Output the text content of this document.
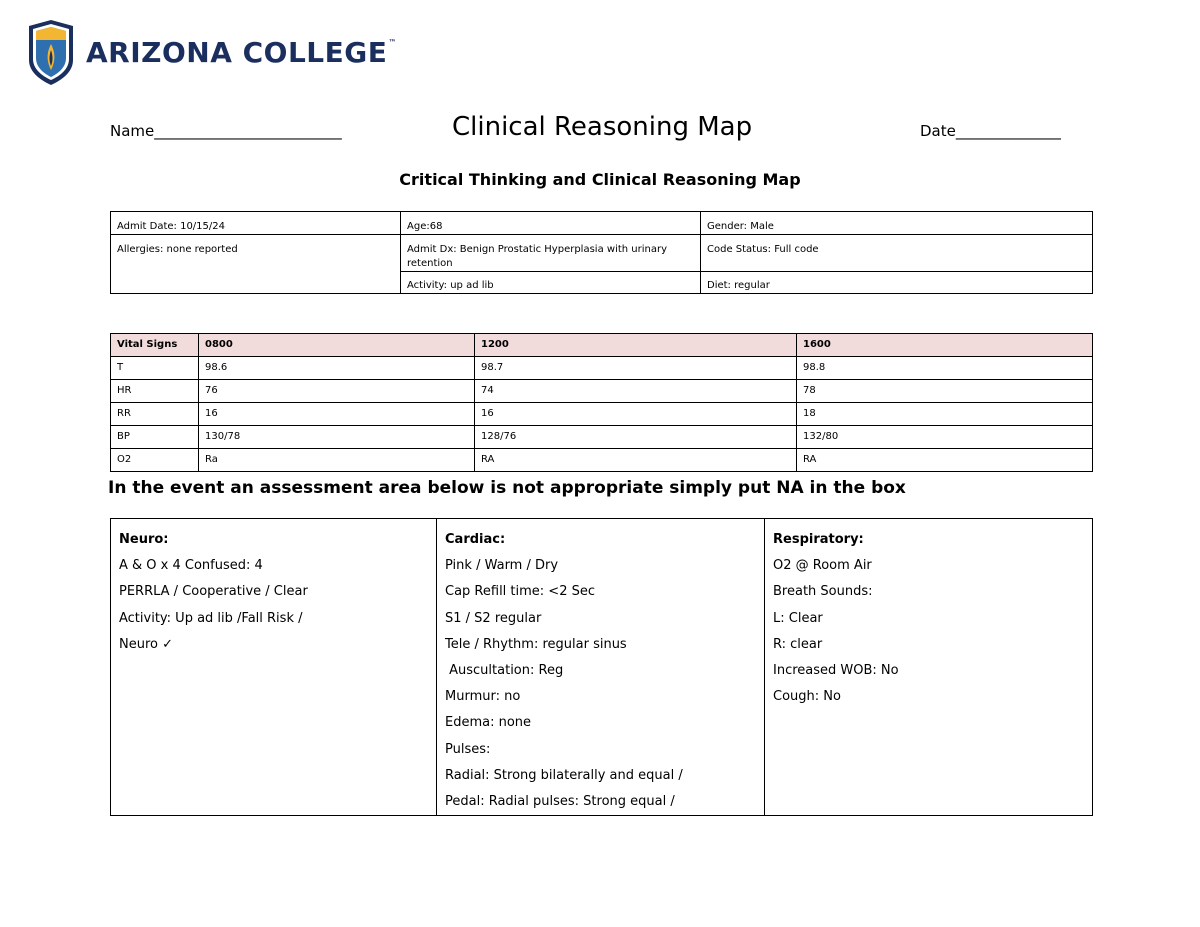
ARIZONA COLLEGE™
Name_________________________	Clinical Reasoning Map	Date______________
Critical Thinking and Clinical Reasoning Map
Admit Date: 10/15/24	Age:68	Gender: Male
Allergies: none reported	Admit Dx: Benign Prostatic Hyperplasia with urinary retention	Code Status: Full code
	Activity: up ad lib	Diet: regular
Vital Signs	0800	1200	1600
T	98.6	98.7	98.8
HR	76	74	78
RR	16	16	18
BP	130/78	128/76	132/80
O2	Ra	RA	RA
In the event an assessment area below is not appropriate simply put NA in the box
Neuro:
A & O x 4 Confused: 4
PERRLA / Cooperative / Clear
Activity: Up ad lib /Fall Risk /
Neuro ✓

Cardiac:
Pink / Warm / Dry
Cap Refill time: <2 Sec
S1 / S2 regular
Tele / Rhythm: regular sinus
Auscultation: Reg
Murmur: no
Edema: none
Pulses:
Radial: Strong bilaterally and equal /
Pedal: Radial pulses: Strong equal /

Respiratory:
O2 @ Room Air
Breath Sounds:
L: Clear
R: clear
Increased WOB: No
Cough: No
